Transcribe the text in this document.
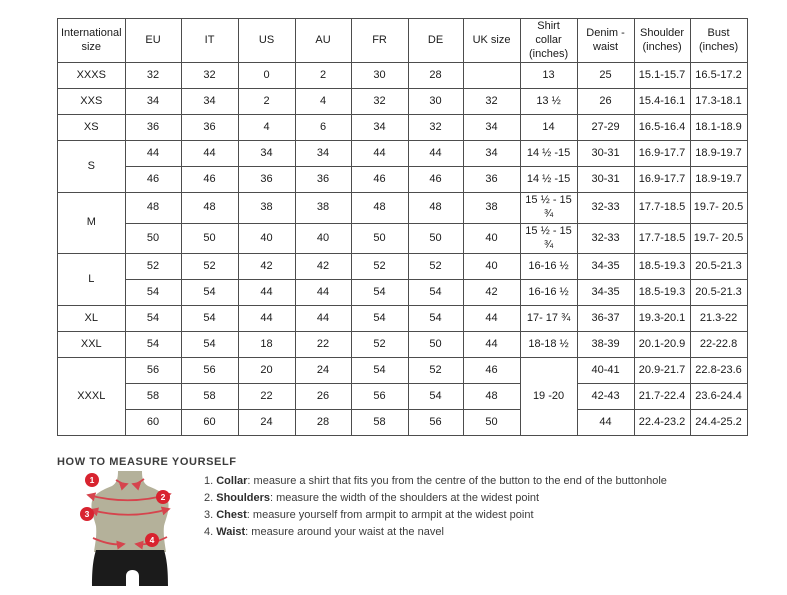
International size	EU	IT	US	AU	FR	DE	UK size	Shirt collar (inches)	Denim - waist	Shoulder (inches)	Bust (inches)
XXXS	32	32	0	2	30	28		13	25	15.1-15.7	16.5-17.2
XXS	34	34	2	4	32	30	32	13 ½	26	15.4-16.1	17.3-18.1
XS	36	36	4	6	34	32	34	14	27-29	16.5-16.4	18.1-18.9
S	44	44	34	34	44	44	34	14 ½ -15	30-31	16.9-17.7	18.9-19.7
	46	46	36	36	46	46	36	14 ½ -15	30-31	16.9-17.7	18.9-19.7
M	48	48	38	38	48	48	38	15 ½ - 15 ¾	32-33	17.7-18.5	19.7- 20.5
	50	50	40	40	50	50	40	15 ½ - 15 ¾	32-33	17.7-18.5	19.7- 20.5
L	52	52	42	42	52	52	40	16-16 ½	34-35	18.5-19.3	20.5-21.3
	54	54	44	44	54	54	42	16-16 ½	34-35	18.5-19.3	20.5-21.3
XL	54	54	44	44	54	54	44	17- 17 ¾	36-37	19.3-20.1	21.3-22
XXL	54	54	18	22	52	50	44	18-18 ½	38-39	20.1-20.9	22-22.8
XXXL	56	56	20	24	54	52	46	19 -20	40-41	20.9-21.7	22.8-23.6
	58	58	22	26	56	54	48		42-43	21.7-22.4	23.6-24.4
	60	60	24	28	58	56	50		44	22.4-23.2	24.4-25.2
HOW TO MEASURE YOURSELF
1
2
3
4
1. Collar: measure a shirt that fits you from the centre of the button to the end of the buttonhole
2. Shoulders: measure the width of the shoulders at the widest point
3. Chest: measure yourself from armpit to armpit at the widest point
4. Waist: measure around your waist at the navel
